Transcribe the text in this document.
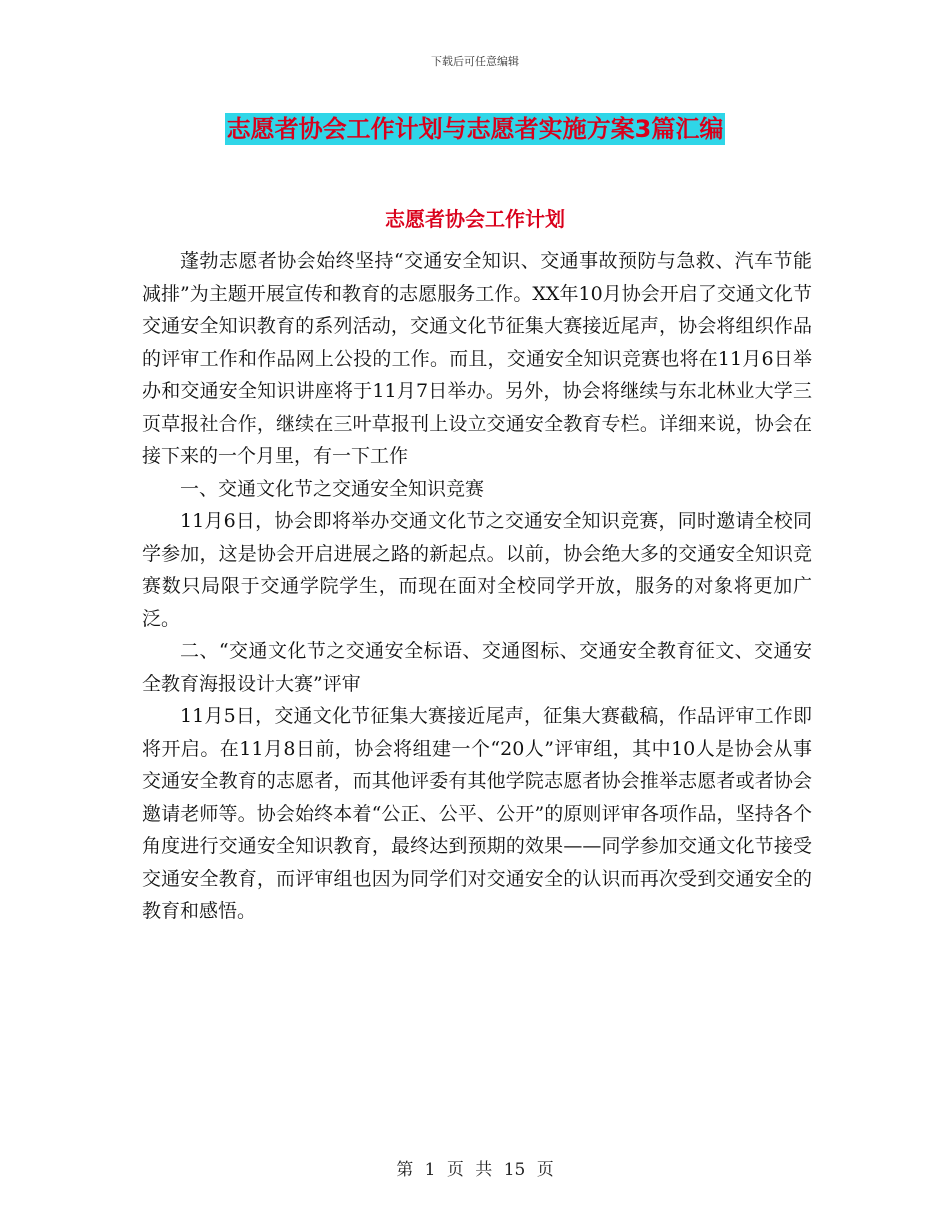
下载后可任意编辑
志愿者协会工作计划与志愿者实施方案3篇汇编
志愿者协会工作计划

蓬勃志愿者协会始终坚持“交通安全知识、交通事故预防与急救、汽车节能减排”为主题开展宣传和教育的志愿服务工作。XX年10月协会开启了交通文化节交通安全知识教育的系列活动，交通文化节征集大赛接近尾声，协会将组织作品的评审工作和作品网上公投的工作。而且，交通安全知识竞赛也将在11月6日举办和交通安全知识讲座将于11月7日举办。另外，协会将继续与东北林业大学三页草报社合作，继续在三叶草报刊上设立交通安全教育专栏。详细来说，协会在接下来的一个月里，有一下工作

一、交通文化节之交通安全知识竞赛

11月6日，协会即将举办交通文化节之交通安全知识竞赛，同时邀请全校同学参加，这是协会开启进展之路的新起点。以前，协会绝大多的交通安全知识竞赛数只局限于交通学院学生，而现在面对全校同学开放，服务的对象将更加广泛。

二、“交通文化节之交通安全标语、交通图标、交通安全教育征文、交通安全教育海报设计大赛”评审

11月5日，交通文化节征集大赛接近尾声，征集大赛截稿，作品评审工作即将开启。在11月8日前，协会将组建一个“20人”评审组，其中10人是协会从事交通安全教育的志愿者，而其他评委有其他学院志愿者协会推举志愿者或者协会邀请老师等。协会始终本着“公正、公平、公开”的原则评审各项作品，坚持各个角度进行交通安全知识教育，最终达到预期的效果——同学参加交通文化节接受交通安全教育，而评审组也因为同学们对交通安全的认识而再次受到交通安全的教育和感悟。

第 1 页 共 15 页
